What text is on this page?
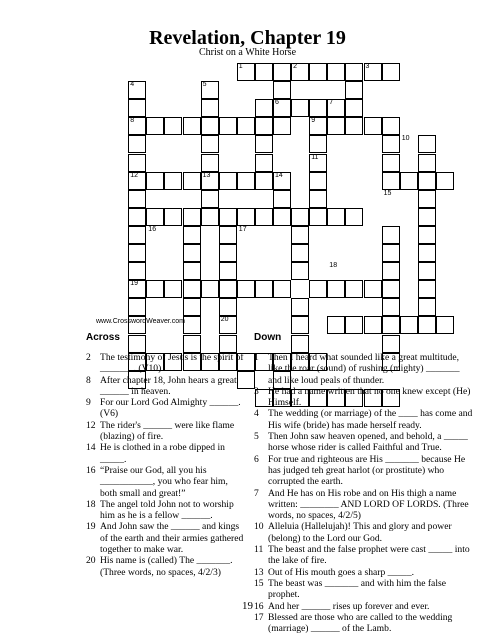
Revelation, Chapter 19
Christ on a White Horse
1	2	3
4	5
6	7
8	9
10
11
12	13	14
15
16	17
18
19
20
www.CrosswordWeaver.com
Across	Down
2 The testimony of Jesus is the spirit of _______. (V10)
8 After chapter 18, John hears a great ______ in heaven.
9 For our Lord God Almighty ______. (V6)
12 The rider's ______ were like flame (blazing) of fire.
14 He is clothed in a robe dipped in _____.
16 “Praise our God, all you his ___________, you who fear him, both small and great!”
18 The angel told John not to worship him as he is a fellow ______.
19 And John saw the ______ and kings of the earth and their armies gathered together to make war.
20 His name is (called) The _______. (Three words, no spaces, 4/2/3)
1 Then I heard what sounded like a great multitude, like the roar (sound) of rushing (mighty) _______ and like loud peals of thunder.
3 He had a name written that no one knew except (He) Himself.
4 The wedding (or marriage) of the ____ has come and His wife (bride) has made herself ready.
5 Then John saw heaven opened, and behold, a _____ horse whose rider is called Faithful and True.
6 For true and righteous are His _______ because He has judged teh great harlot (or prostitute) who corrupted the earth.
7 And He has on His robe and on His thigh a name written: ________ AND LORD OF LORDS. (Three words, no spaces, 4/2/5)
10 Alleluia (Hallelujah)! This and glory and power (belong) to the Lord our God.
11 The beast and the false prophet were cast _____ into the lake of fire.
13 Out of His mouth goes a sharp _____.
15 The beast was _______ and with him the false prophet.
16 And her ______ rises up forever and ever.
17 Blessed are those who are called to the wedding (marriage) ______ of the Lamb.
19
